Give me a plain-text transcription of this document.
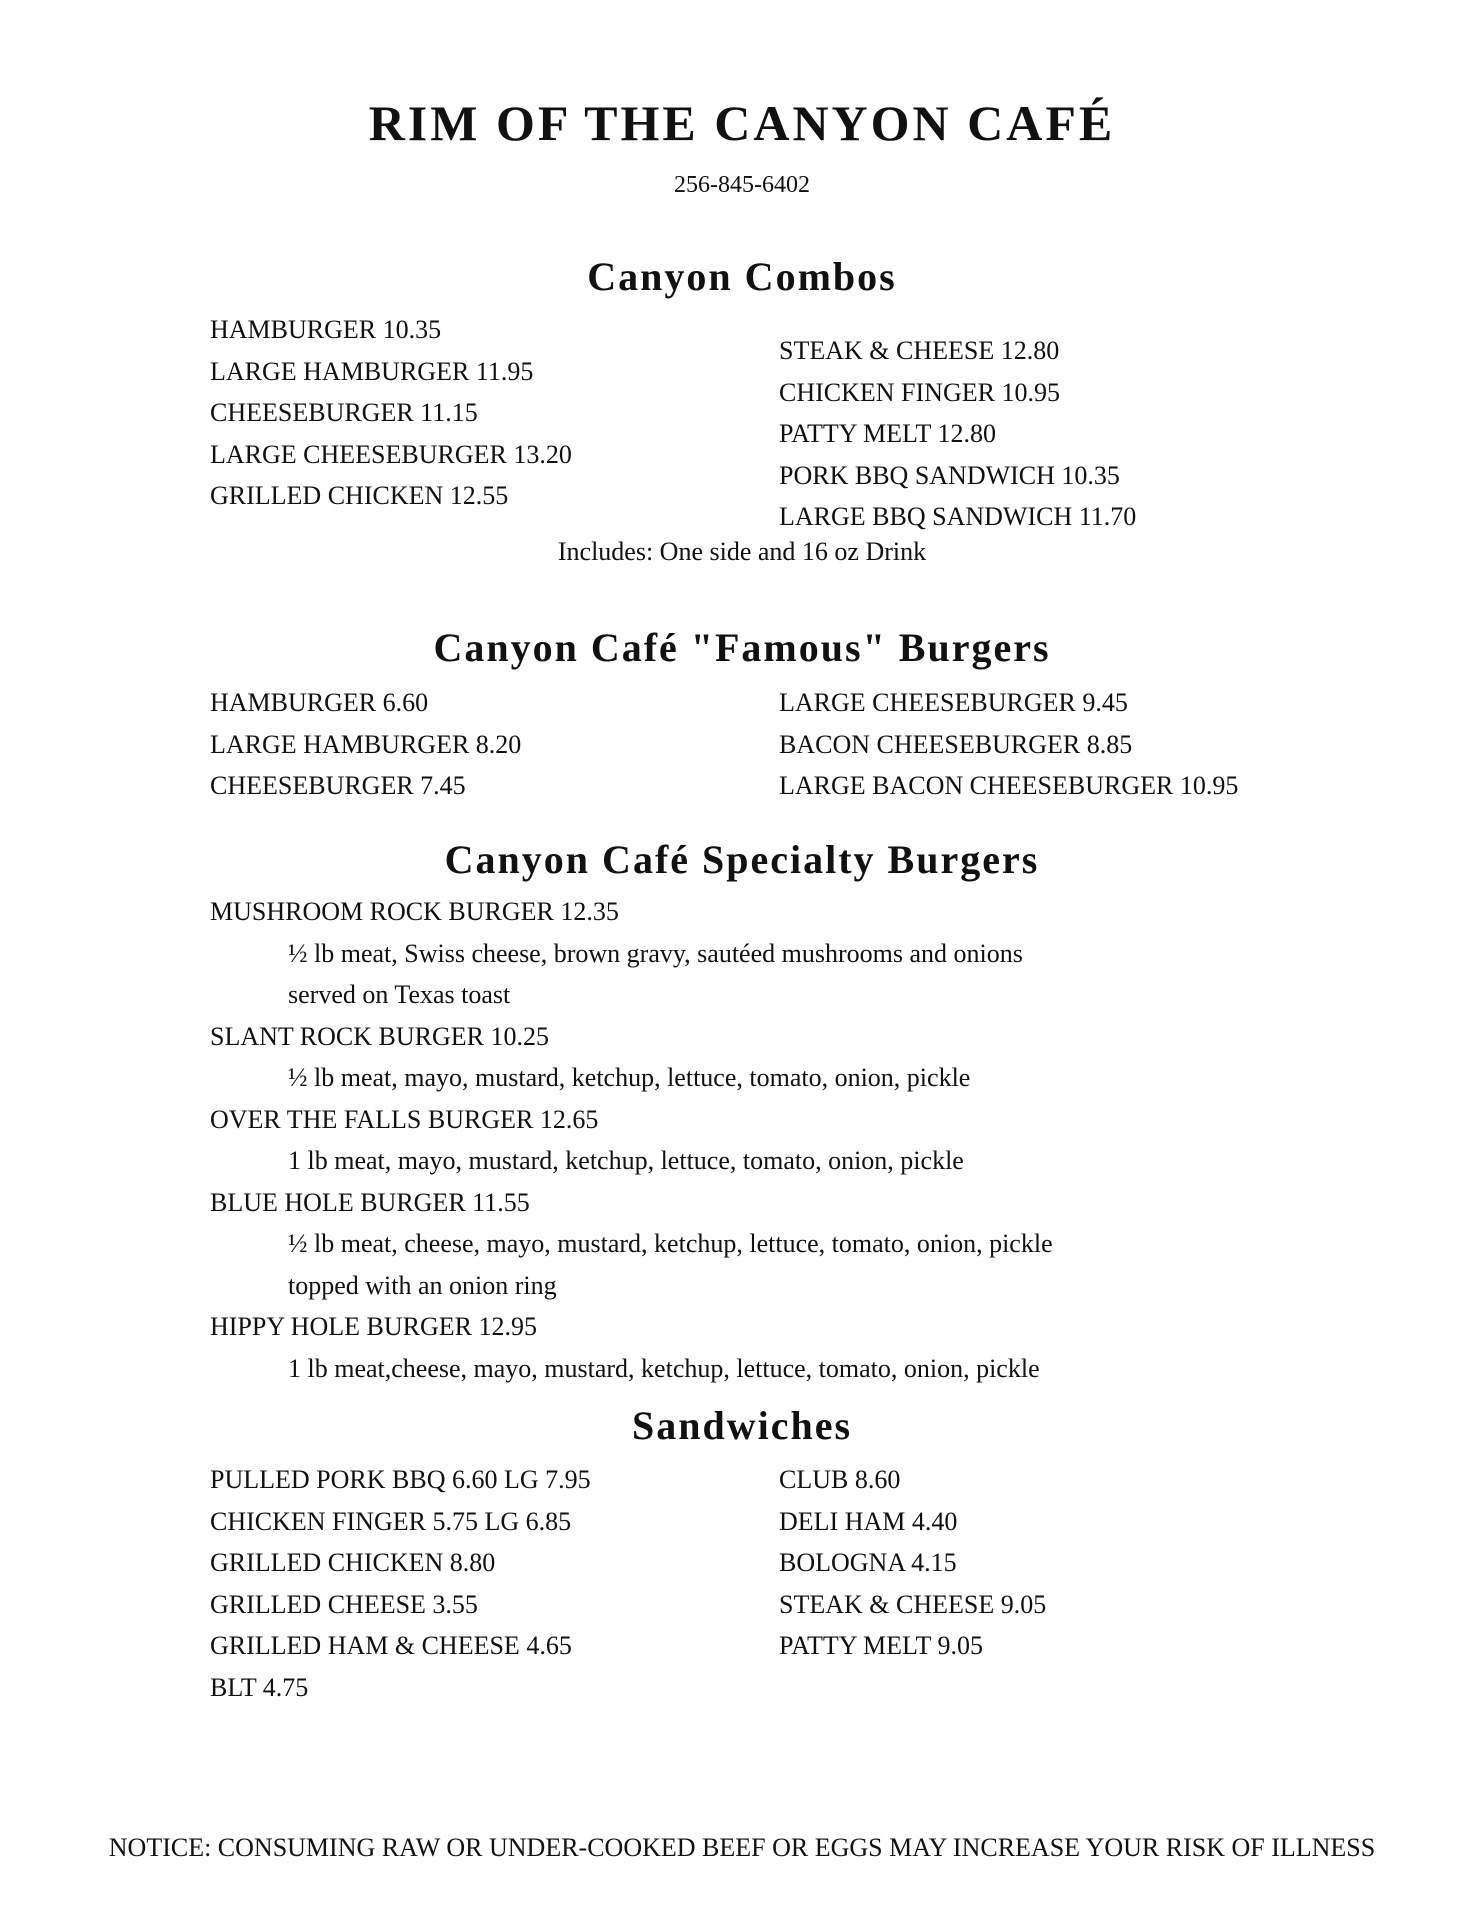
RIM OF THE CANYON CAFÉ
256-845-6402
Canyon Combos
HAMBURGER 10.35
LARGE HAMBURGER 11.95
CHEESEBURGER 11.15
LARGE CHEESEBURGER 13.20
GRILLED CHICKEN 12.55
STEAK & CHEESE 12.80
CHICKEN FINGER 10.95
PATTY MELT 12.80
PORK BBQ SANDWICH 10.35
LARGE BBQ SANDWICH 11.70
Includes: One side and 16 oz Drink
Canyon Café "Famous" Burgers
HAMBURGER 6.60
LARGE HAMBURGER 8.20
CHEESEBURGER 7.45
LARGE CHEESEBURGER 9.45
BACON CHEESEBURGER 8.85
LARGE BACON CHEESEBURGER 10.95
Canyon Café Specialty Burgers
MUSHROOM ROCK BURGER 12.35
½ lb meat, Swiss cheese, brown gravy, sautéed mushrooms and onions
served on Texas toast
SLANT ROCK BURGER 10.25
½ lb meat, mayo, mustard, ketchup, lettuce, tomato, onion, pickle
OVER THE FALLS BURGER 12.65
1 lb meat, mayo, mustard, ketchup, lettuce, tomato, onion, pickle
BLUE HOLE BURGER 11.55
½ lb meat, cheese, mayo, mustard, ketchup, lettuce, tomato, onion, pickle
topped with an onion ring
HIPPY HOLE BURGER 12.95
1 lb meat,cheese, mayo, mustard, ketchup, lettuce, tomato, onion, pickle
Sandwiches
PULLED PORK BBQ 6.60 LG 7.95
CHICKEN FINGER 5.75 LG 6.85
GRILLED CHICKEN 8.80
GRILLED CHEESE 3.55
GRILLED HAM & CHEESE 4.65
BLT 4.75
CLUB 8.60
DELI HAM 4.40
BOLOGNA 4.15
STEAK & CHEESE 9.05
PATTY MELT 9.05
NOTICE: CONSUMING RAW OR UNDER-COOKED BEEF OR EGGS MAY INCREASE YOUR RISK OF ILLNESS
